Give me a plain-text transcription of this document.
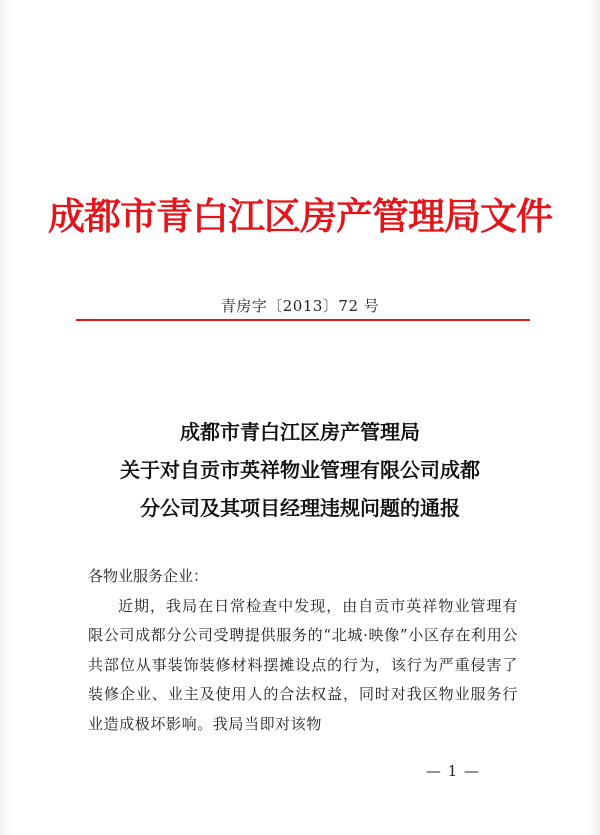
成都市青白江区房产管理局文件
青房字〔2013〕72 号
成都市青白江区房产管理局
关于对自贡市英祥物业管理有限公司成都
分公司及其项目经理违规问题的通报
各物业服务企业：
近期，我局在日常检查中发现，由自贡市英祥物业管理有限公司成都分公司受聘提供服务的“北城·映像”小区存在利用公共部位从事装饰装修材料摆摊设点的行为，该行为严重侵害了装修企业、业主及使用人的合法权益，同时对我区物业服务行业造成极坏影响。我局当即对该物
— 1 —
